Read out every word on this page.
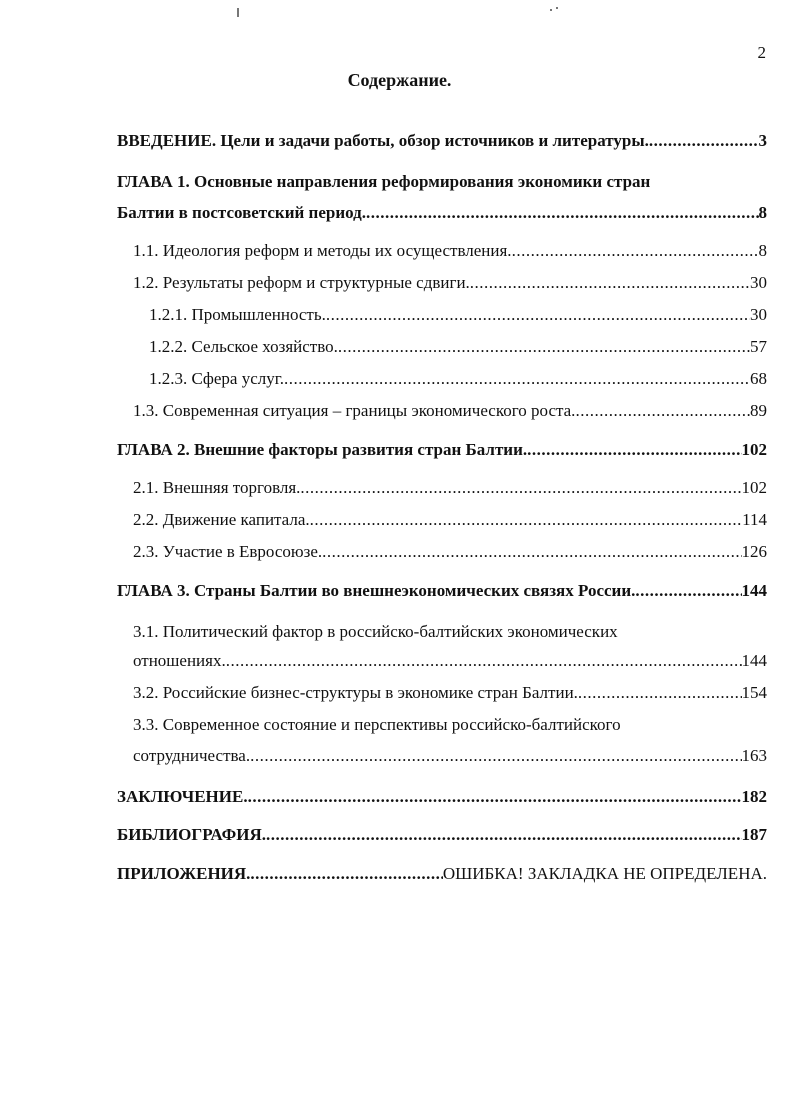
2
Содержание.
ВВЕДЕНИЕ. Цели и задачи работы, обзор источников и литературы. .....	3
ГЛАВА 1. Основные направления реформирования экономики стран
Балтии в постсоветский период. .....	8
1.1. Идеология реформ и методы их осуществления. .....	8
1.2. Результаты реформ и структурные сдвиги. .....	30
1.2.1. Промышленность. .....	30
1.2.2. Сельское хозяйство. .....	57
1.2.3. Сфера услуг. .....	68
1.3. Современная ситуация – границы экономического роста. .....	89
ГЛАВА 2. Внешние факторы развития стран Балтии. .....	102
2.1. Внешняя торговля. .....	102
2.2. Движение капитала. .....	114
2.3. Участие в Евросоюзе. .....	126
ГЛАВА 3. Страны Балтии во внешнеэкономических связях России. .....	144
3.1. Политический фактор в российско-балтийских экономических
отношениях. .....	144
3.2. Российские бизнес-структуры в экономике стран Балтии. .....	154
3.3. Современное состояние и перспективы российско-балтийского
сотрудничества. .....	163
ЗАКЛЮЧЕНИЕ. .....	182
БИБЛИОГРАФИЯ. .....	187
ПРИЛОЖЕНИЯ. .....	ОШИБКА! ЗАКЛАДКА НЕ ОПРЕДЕЛЕНА.
